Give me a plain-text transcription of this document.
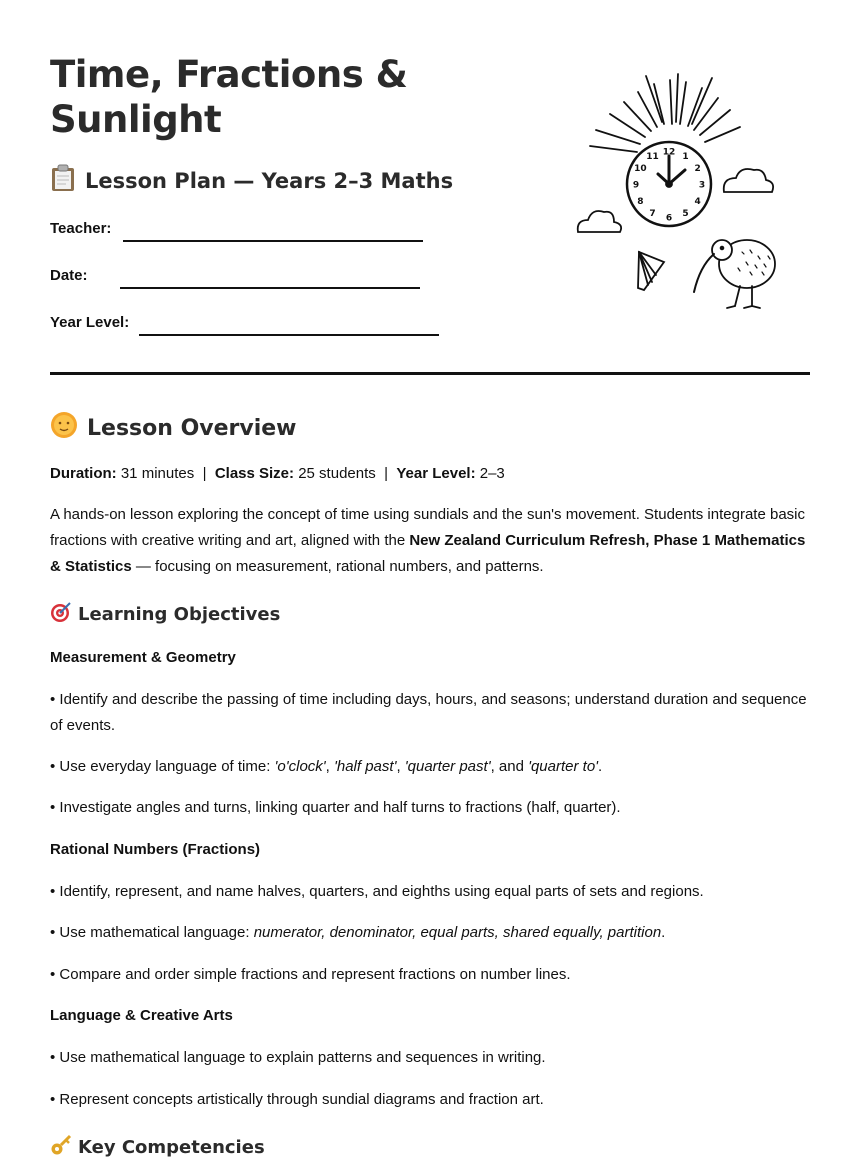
Time, Fractions & Sunlight
Lesson Plan — Years 2–3 Maths
Teacher:
Date:
Year Level:
12 1
2
3
4
5
6
7
8
9
10
11
Lesson Overview

Duration: 31 minutes | Class Size: 25 students | Year Level: 2–3

A hands-on lesson exploring the concept of time using sundials and the sun's movement. Students integrate basic fractions with creative writing and art, aligned with the New Zealand Curriculum Refresh, Phase 1 Mathematics & Statistics — focusing on measurement, rational numbers, and patterns.

Learning Objectives
Measurement & Geometry

• Identify and describe the passing of time including days, hours, and seasons; understand duration and sequence of events.

• Use everyday language of time: 'o'clock', 'half past', 'quarter past', and 'quarter to'.

• Investigate angles and turns, linking quarter and half turns to fractions (half, quarter).

Rational Numbers (Fractions)

• Identify, represent, and name halves, quarters, and eighths using equal parts of sets and regions.

• Use mathematical language: numerator, denominator, equal parts, shared equally, partition.

• Compare and order simple fractions and represent fractions on number lines.

Language & Creative Arts

• Use mathematical language to explain patterns and sequences in writing.

• Represent concepts artistically through sundial diagrams and fraction art.

Key Competencies
